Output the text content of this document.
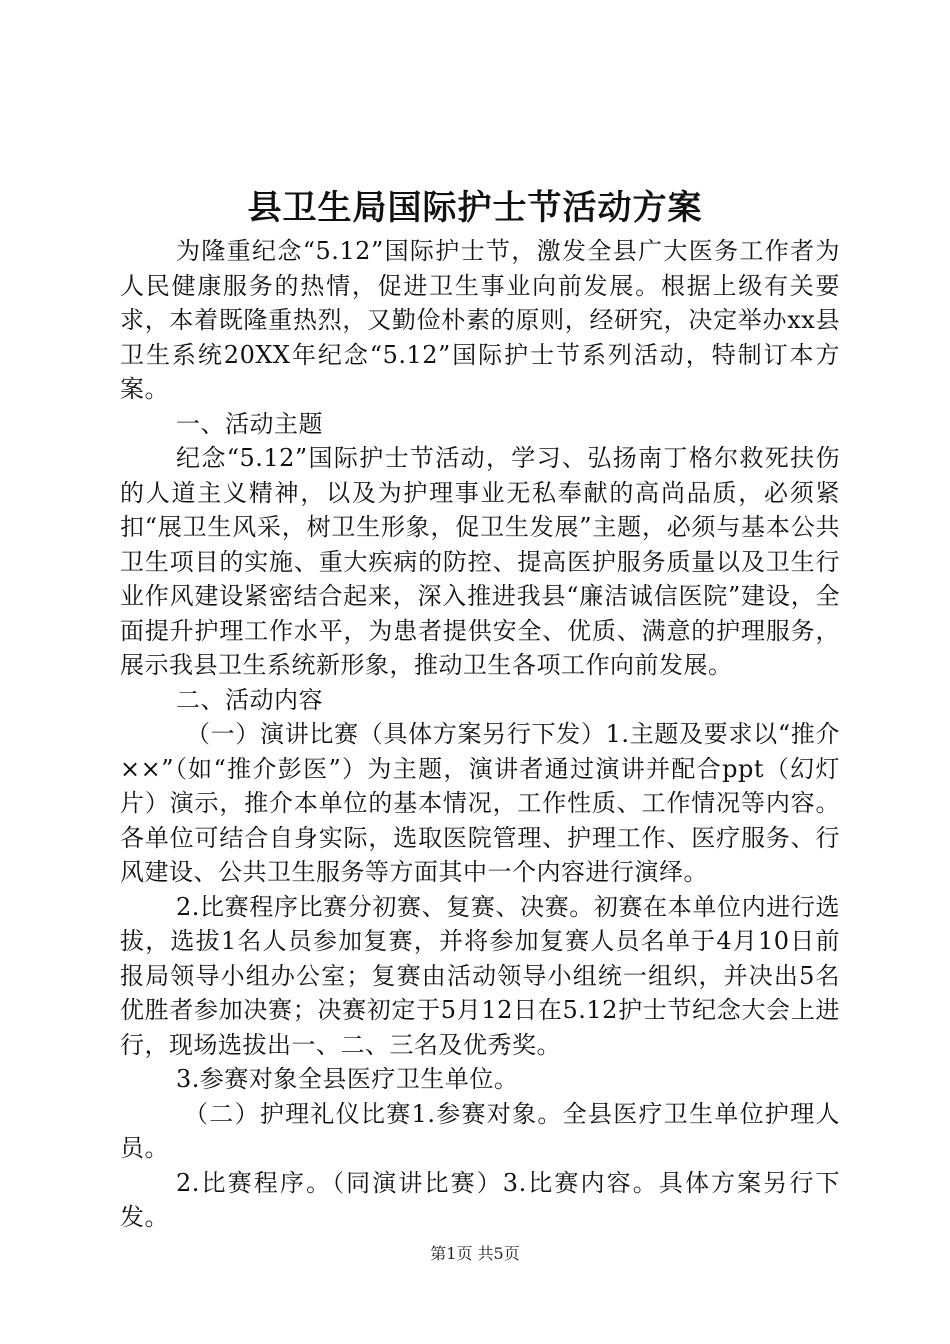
县卫生局国际护士节活动方案

为隆重纪念“5.12”国际护士节，激发全县广大医务工作者为人民健康服务的热情，促进卫生事业向前发展。根据上级有关要求，本着既隆重热烈，又勤俭朴素的原则，经研究，决定举办xx县卫生系统20XX年纪念“5.12”国际护士节系列活动，特制订本方案。

一、活动主题

纪念“5.12”国际护士节活动，学习、弘扬南丁格尔救死扶伤的人道主义精神，以及为护理事业无私奉献的高尚品质，必须紧扣“展卫生风采，树卫生形象，促卫生发展”主题，必须与基本公共卫生项目的实施、重大疾病的防控、提高医护服务质量以及卫生行业作风建设紧密结合起来，深入推进我县“廉洁诚信医院”建设，全面提升护理工作水平，为患者提供安全、优质、满意的护理服务，展示我县卫生系统新形象，推动卫生各项工作向前发展。

二、活动内容

（一）演讲比赛（具体方案另行下发）1.主题及要求以“推介××”（如“推介彭医”）为主题，演讲者通过演讲并配合ppt（幻灯片）演示，推介本单位的基本情况，工作性质、工作情况等内容。各单位可结合自身实际，选取医院管理、护理工作、医疗服务、行风建设、公共卫生服务等方面其中一个内容进行演绎。

2.比赛程序比赛分初赛、复赛、决赛。初赛在本单位内进行选拔，选拔1名人员参加复赛，并将参加复赛人员名单于4月10日前报局领导小组办公室；复赛由活动领导小组统一组织，并决出5名优胜者参加决赛；决赛初定于5月12日在5.12护士节纪念大会上进行，现场选拔出一、二、三名及优秀奖。

3.参赛对象全县医疗卫生单位。

（二）护理礼仪比赛1.参赛对象。全县医疗卫生单位护理人员。

2.比赛程序。（同演讲比赛）3.比赛内容。具体方案另行下发。

第1页 共5页
